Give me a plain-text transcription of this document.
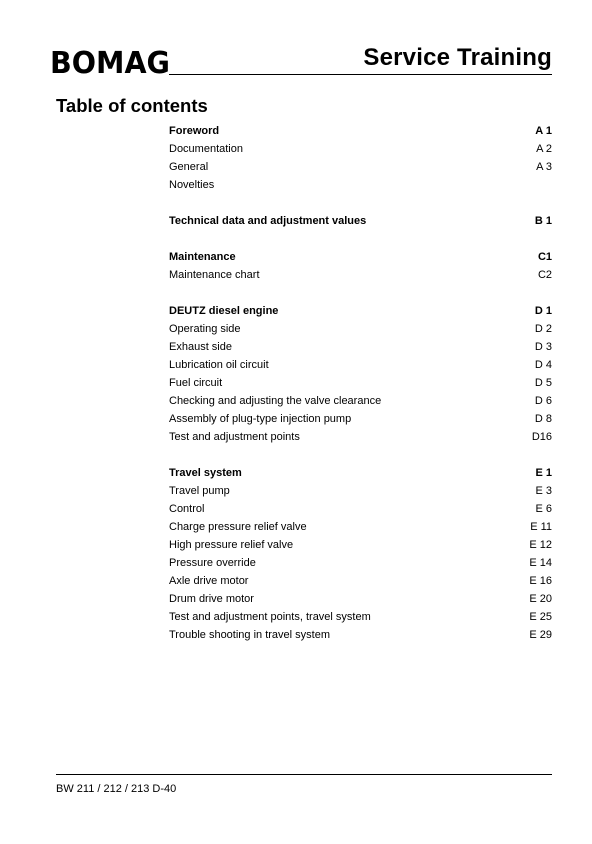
BOMAG	Service Training
Table of contents
Foreword	A 1
Documentation	A 2
General	A 3
Novelties
Technical data and adjustment values	B 1
Maintenance	C1
Maintenance chart	C2
DEUTZ diesel engine	D 1
Operating side	D 2
Exhaust side	D 3
Lubrication oil circuit	D 4
Fuel circuit	D 5
Checking and adjusting the valve clearance	D 6
Assembly of plug-type injection pump	D 8
Test and adjustment points	D16
Travel system	E 1
Travel pump	E 3
Control	E 6
Charge pressure relief valve	E 11
High pressure relief valve	E 12
Pressure override	E 14
Axle drive motor	E 16
Drum drive motor	E 20
Test and adjustment points, travel system	E 25
Trouble shooting in travel system	E 29
BW 211 / 212 / 213 D-40
